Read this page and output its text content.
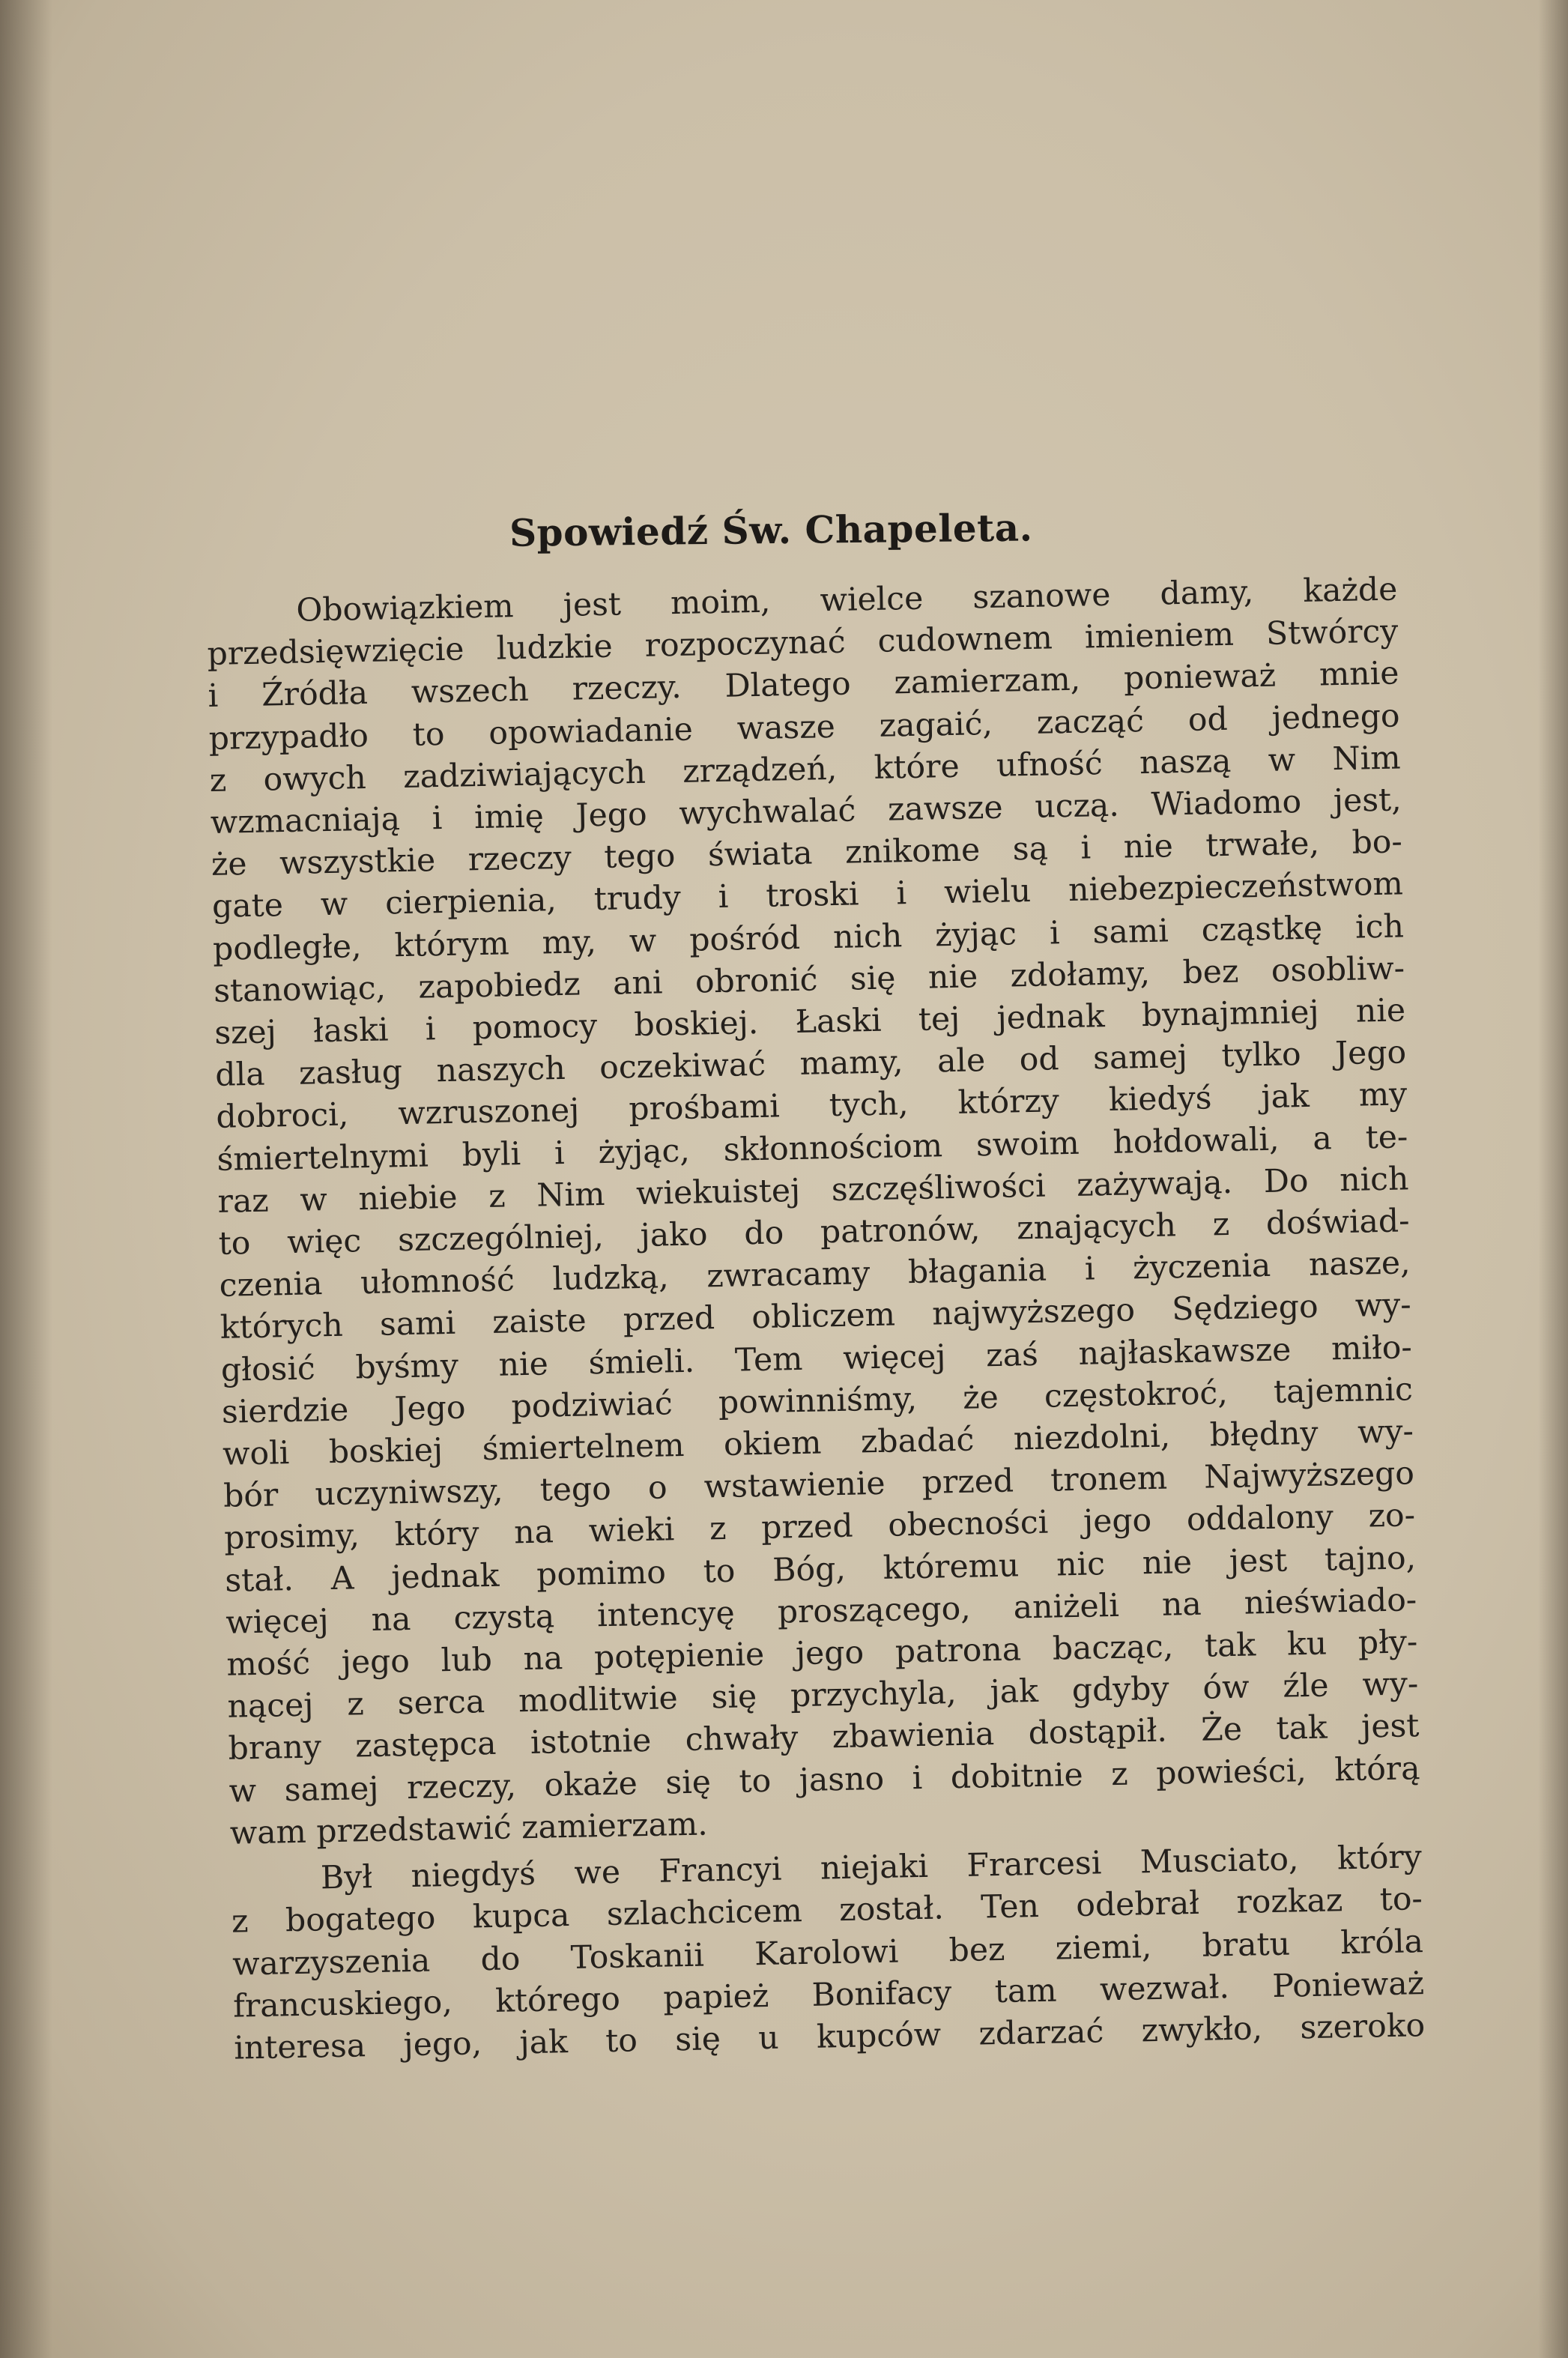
Spowiedź Św. Chapeleta.
Obowiązkiem jest moim, wielce szanowe damy, każde
przedsięwzięcie ludzkie rozpoczynać cudownem imieniem Stwórcy
i Źródła wszech rzeczy. Dlatego zamierzam, ponieważ mnie
przypadło to opowiadanie wasze zagaić, zacząć od jednego
z owych zadziwiających zrządzeń, które ufność naszą w Nim
wzmacniają i imię Jego wychwalać zawsze uczą. Wiadomo jest,
że wszystkie rzeczy tego świata znikome są i nie trwałe, bo-
gate w cierpienia, trudy i troski i wielu niebezpieczeństwom
podległe, którym my, w pośród nich żyjąc i sami cząstkę ich
stanowiąc, zapobiedz ani obronić się nie zdołamy, bez osobliw-
szej łaski i pomocy boskiej. Łaski tej jednak bynajmniej nie
dla zasług naszych oczekiwać mamy, ale od samej tylko Jego
dobroci, wzruszonej prośbami tych, którzy kiedyś jak my
śmiertelnymi byli i żyjąc, skłonnościom swoim hołdowali, a te-
raz w niebie z Nim wiekuistej szczęśliwości zażywają. Do nich
to więc szczególniej, jako do patronów, znających z doświad-
czenia ułomność ludzką, zwracamy błagania i życzenia nasze,
których sami zaiste przed obliczem najwyższego Sędziego wy-
głosić byśmy nie śmieli. Tem więcej zaś najłaskawsze miło-
sierdzie Jego podziwiać powinniśmy, że częstokroć, tajemnic
woli boskiej śmiertelnem okiem zbadać niezdolni, błędny wy-
bór uczyniwszy, tego o wstawienie przed tronem Najwyższego
prosimy, który na wieki z przed obecności jego oddalony zo-
stał. A jednak pomimo to Bóg, któremu nic nie jest tajno,
więcej na czystą intencyę proszącego, aniżeli na nieświado-
mość jego lub na potępienie jego patrona bacząc, tak ku pły-
nącej z serca modlitwie się przychyla, jak gdyby ów źle wy-
brany zastępca istotnie chwały zbawienia dostąpił. Że tak jest
w samej rzeczy, okaże się to jasno i dobitnie z powieści, którą
wam przedstawić zamierzam.
Był niegdyś we Francyi niejaki Frarcesi Musciato, który
z bogatego kupca szlachcicem został. Ten odebrał rozkaz to-
warzyszenia do Toskanii Karolowi bez ziemi, bratu króla
francuskiego, którego papież Bonifacy tam wezwał. Ponieważ
interesa jego, jak to się u kupców zdarzać zwykło, szeroko
